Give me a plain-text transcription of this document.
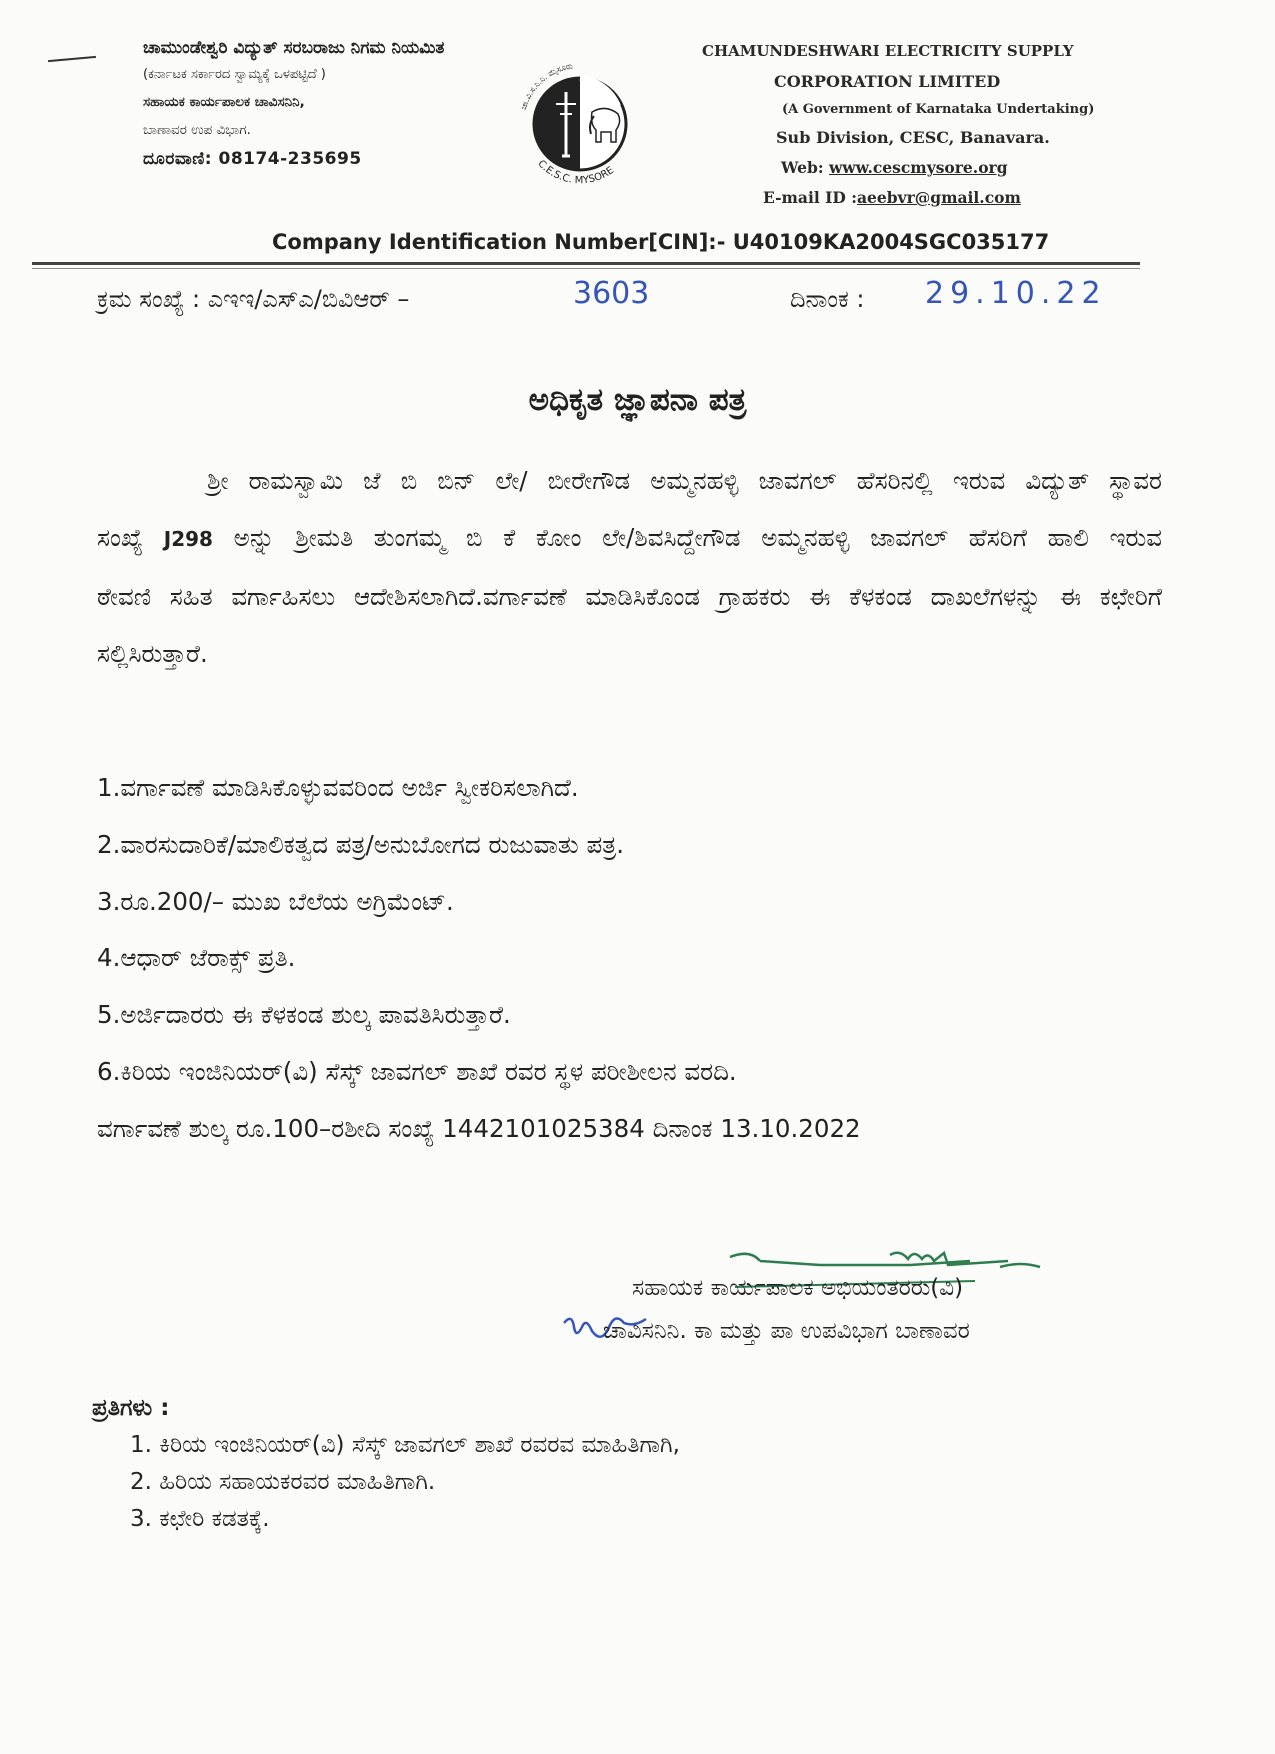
ಚಾಮುಂಡೇಶ್ವರಿ ವಿದ್ಯುತ್ ಸರಬರಾಜು ನಿಗಮ ನಿಯಮಿತ
(ಕರ್ನಾಟಕ ಸರ್ಕಾರದ ಸ್ವಾಮ್ಯಕ್ಕೆ ಒಳಪಟ್ಟಿದೆ )
ಸಹಾಯಕ ಕಾರ್ಯಪಾಲಕ ಚಾವಿಸನಿನಿ,
ಬಾಣಾವರ ಉಪ ವಿಭಾಗ.
ದೂರವಾಣಿ: 08174-235695
ಚಾ.ವಿ.ಸ.ನಿ.ನಿ. ಮೈಸೂರು
C.E.S.C. MYSORE
CHAMUNDESHWARI ELECTRICITY SUPPLY
CORPORATION LIMITED
(A Government of Karnataka Undertaking)
Sub Division, CESC, Banavara.
Web: www.cescmysore.org
E-mail ID :aeebvr@gmail.com
Company Identification Number[CIN]:- U40109KA2004SGC035177
ಕ್ರಮ ಸಂಖ್ಯೆ : ಎಇಇ/ಎಸ್ಎ/ಬಿವಿಆರ್ –	3603	ದಿನಾಂಕ : 29.10.22
ಅಧಿಕೃತ ಜ್ಞಾಪನಾ ಪತ್ರ
ಶ್ರೀ ರಾಮಸ್ವಾಮಿ ಜೆ ಬಿ ಬಿನ್ ಲೇ/ ಬೀರೇಗೌಡ ಅಮ್ಮನಹಳ್ಳಿ ಜಾವಗಲ್ ಹೆಸರಿನಲ್ಲಿ ಇರುವ ವಿದ್ಯುತ್ ಸ್ಥಾವರ ಸಂಖ್ಯೆ J298 ಅನ್ನು ಶ್ರೀಮತಿ ತುಂಗಮ್ಮ ಬಿ ಕೆ ಕೋಂ ಲೇ/ಶಿವಸಿದ್ದೇಗೌಡ ಅಮ್ಮನಹಳ್ಳಿ ಜಾವಗಲ್ ಹೆಸರಿಗೆ ಹಾಲಿ ಇರುವ ಠೇವಣಿ ಸಹಿತ ವರ್ಗಾಹಿಸಲು ಆದೇಶಿಸಲಾಗಿದೆ.ವರ್ಗಾವಣೆ ಮಾಡಿಸಿಕೊಂಡ ಗ್ರಾಹಕರು ಈ ಕೆಳಕಂಡ ದಾಖಲೆಗಳನ್ನು ಈ ಕಛೇರಿಗೆ ಸಲ್ಲಿಸಿರುತ್ತಾರೆ.
1.ವರ್ಗಾವಣೆ ಮಾಡಿಸಿಕೊಳ್ಳುವವರಿಂದ ಅರ್ಜಿ ಸ್ವೀಕರಿಸಲಾಗಿದೆ.
2.ವಾರಸುದಾರಿಕೆ/ಮಾಲಿಕತ್ವದ ಪತ್ರ/ಅನುಬೋಗದ ರುಜುವಾತು ಪತ್ರ.
3.ರೂ.200/– ಮುಖ ಬೆಲೆಯ ಅಗ್ರಿಮೆಂಟ್.
4.ಆಧಾರ್ ಜೆರಾಕ್ಸ್ ಪ್ರತಿ.
5.ಅರ್ಜಿದಾರರು ಈ ಕೆಳಕಂಡ ಶುಲ್ಕ ಪಾವತಿಸಿರುತ್ತಾರೆ.
6.ಕಿರಿಯ ಇಂಜಿನಿಯರ್(ವಿ) ಸೆಸ್ಕ್ ಜಾವಗಲ್ ಶಾಖೆ ರವರ ಸ್ಥಳ ಪರೀಶೀಲನ ವರದಿ.
ವರ್ಗಾವಣೆ ಶುಲ್ಕ ರೂ.100–ರಶೀದಿ ಸಂಖ್ಯೆ 1442101025384 ದಿನಾಂಕ 13.10.2022
ಸಹಾಯಕ ಕಾರ್ಯಪಾಲಕ ಅಭಿಯಂತರರು(ವಿ)
ಚಾವಿಸನಿನಿ. ಕಾ ಮತ್ತು ಪಾ ಉಪವಿಭಾಗ ಬಾಣಾವರ
ಪ್ರತಿಗಳು :
1. ಕಿರಿಯ ಇಂಜಿನಿಯರ್(ವಿ) ಸೆಸ್ಕ್ ಜಾವಗಲ್ ಶಾಖೆ ರವರವ ಮಾಹಿತಿಗಾಗಿ,
2. ಹಿರಿಯ ಸಹಾಯಕರವರ ಮಾಹಿತಿಗಾಗಿ.
3. ಕಛೇರಿ ಕಡತಕ್ಕೆ.
